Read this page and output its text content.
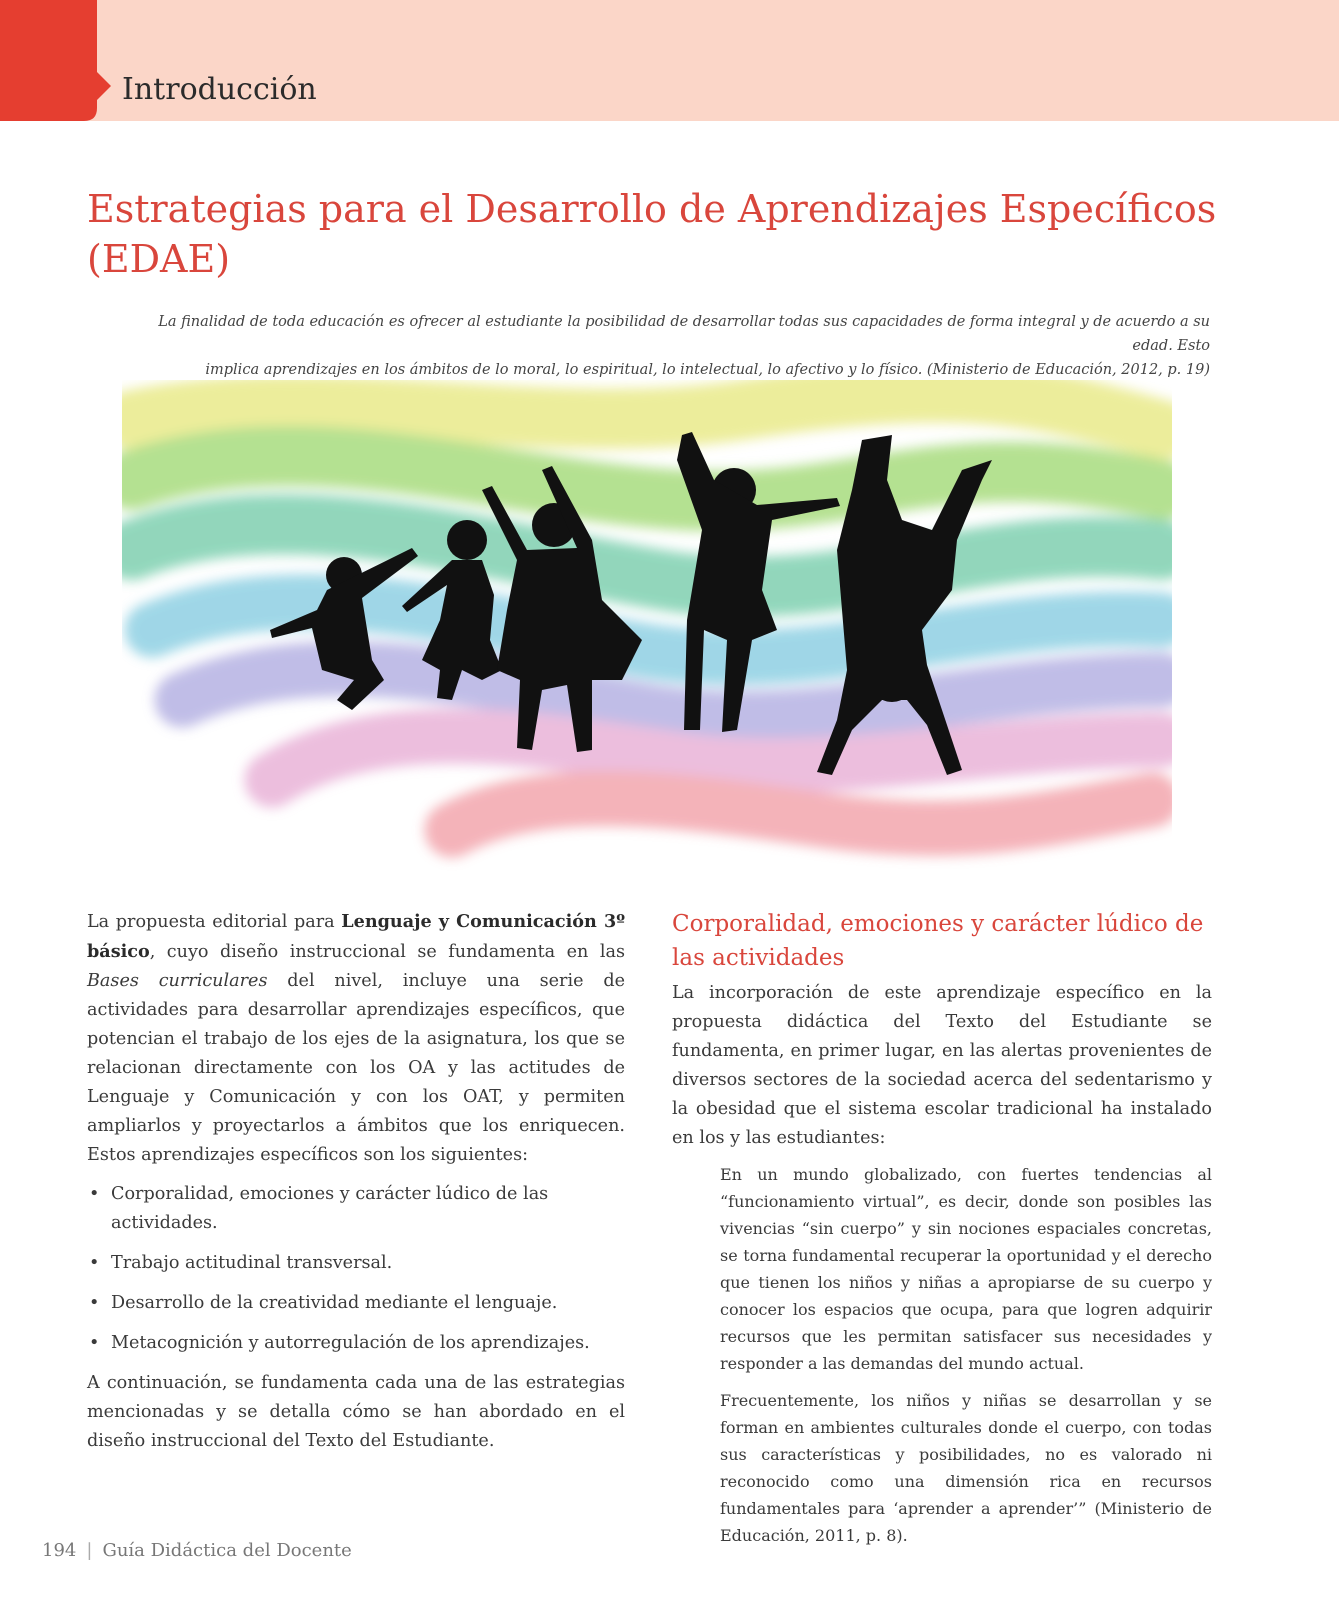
Introducción
Estrategias para el Desarrollo de Aprendizajes Específicos
(EDAE)

La finalidad de toda educación es ofrecer al estudiante la posibilidad de desarrollar todas sus capacidades de forma integral y de acuerdo a su edad. Esto
implica aprendizajes en los ámbitos de lo moral, lo espiritual, lo intelectual, lo afectivo y lo físico. (Ministerio de Educación, 2012, p. 19)

La propuesta editorial para Lenguaje y Comunicación 3º básico, cuyo diseño instruccional se fundamenta en las Bases curriculares del nivel, incluye una serie de actividades para desarrollar aprendizajes específicos, que potencian el trabajo de los ejes de la asignatura, los que se relacionan directamente con los OA y las actitudes de Lenguaje y Comunicación y con los OAT, y permiten ampliarlos y proyectarlos a ámbitos que los enriquecen. Estos aprendizajes específicos son los siguientes:

• Corporalidad, emociones y carácter lúdico de las actividades.
• Trabajo actitudinal transversal.
• Desarrollo de la creatividad mediante el lenguaje.
• Metacognición y autorregulación de los aprendizajes.

A continuación, se fundamenta cada una de las estrategias mencionadas y se detalla cómo se han abordado en el diseño instruccional del Texto del Estudiante.

Corporalidad, emociones y carácter lúdico de las actividades

La incorporación de este aprendizaje específico en la propuesta didáctica del Texto del Estudiante se fundamenta, en primer lugar, en las alertas provenientes de diversos sectores de la sociedad acerca del sedentarismo y la obesidad que el sistema escolar tradicional ha instalado en los y las estudiantes:

En un mundo globalizado, con fuertes tendencias al “funcionamiento virtual”, es decir, donde son posibles las vivencias “sin cuerpo” y sin nociones espaciales concretas, se torna fundamental recuperar la oportunidad y el derecho que tienen los niños y niñas a apropiarse de su cuerpo y conocer los espacios que ocupa, para que logren adquirir recursos que les permitan satisfacer sus necesidades y responder a las demandas del mundo actual.

Frecuentemente, los niños y niñas se desarrollan y se forman en ambientes culturales donde el cuerpo, con todas sus características y posibilidades, no es valorado ni reconocido como una dimensión rica en recursos fundamentales para ‘aprender a aprender’” (Ministerio de Educación, 2011, p. 8).

194 | Guía Didáctica del Docente
